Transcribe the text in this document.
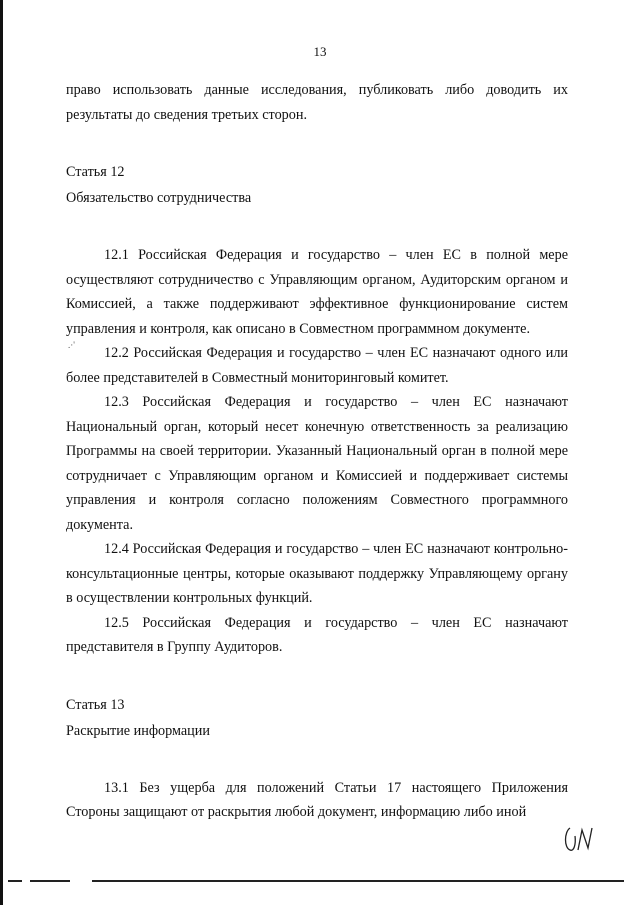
13

право использовать данные исследования, публиковать либо доводить их результаты до сведения третьих сторон.

Статья 12

Обязательство сотрудничества

12.1 Российская Федерация и государство – член ЕС в полной мере осуществляют сотрудничество с Управляющим органом, Аудиторским органом и Комиссией, а также поддерживают эффективное функционирование систем управления и контроля, как описано в Совместном программном документе.

12.2 Российская Федерация и государство – член ЕС назначают одного или более представителей в Совместный мониторинговый комитет.

12.3 Российская Федерация и государство – член ЕС назначают Национальный орган, который несет конечную ответственность за реализацию Программы на своей территории. Указанный Национальный орган в полной мере сотрудничает с Управляющим органом и Комиссией и поддерживает системы управления и контроля согласно положениям Совместного программного документа.

12.4 Российская Федерация и государство – член ЕС назначают контрольно-консультационные центры, которые оказывают поддержку Управляющему органу в осуществлении контрольных функций.

12.5 Российская Федерация и государство – член ЕС назначают представителя в Группу Аудиторов.

Статья 13

Раскрытие информации

13.1 Без ущерба для положений Статьи 17 настоящего Приложения Стороны защищают от раскрытия любой документ, информацию либо иной

.·'
